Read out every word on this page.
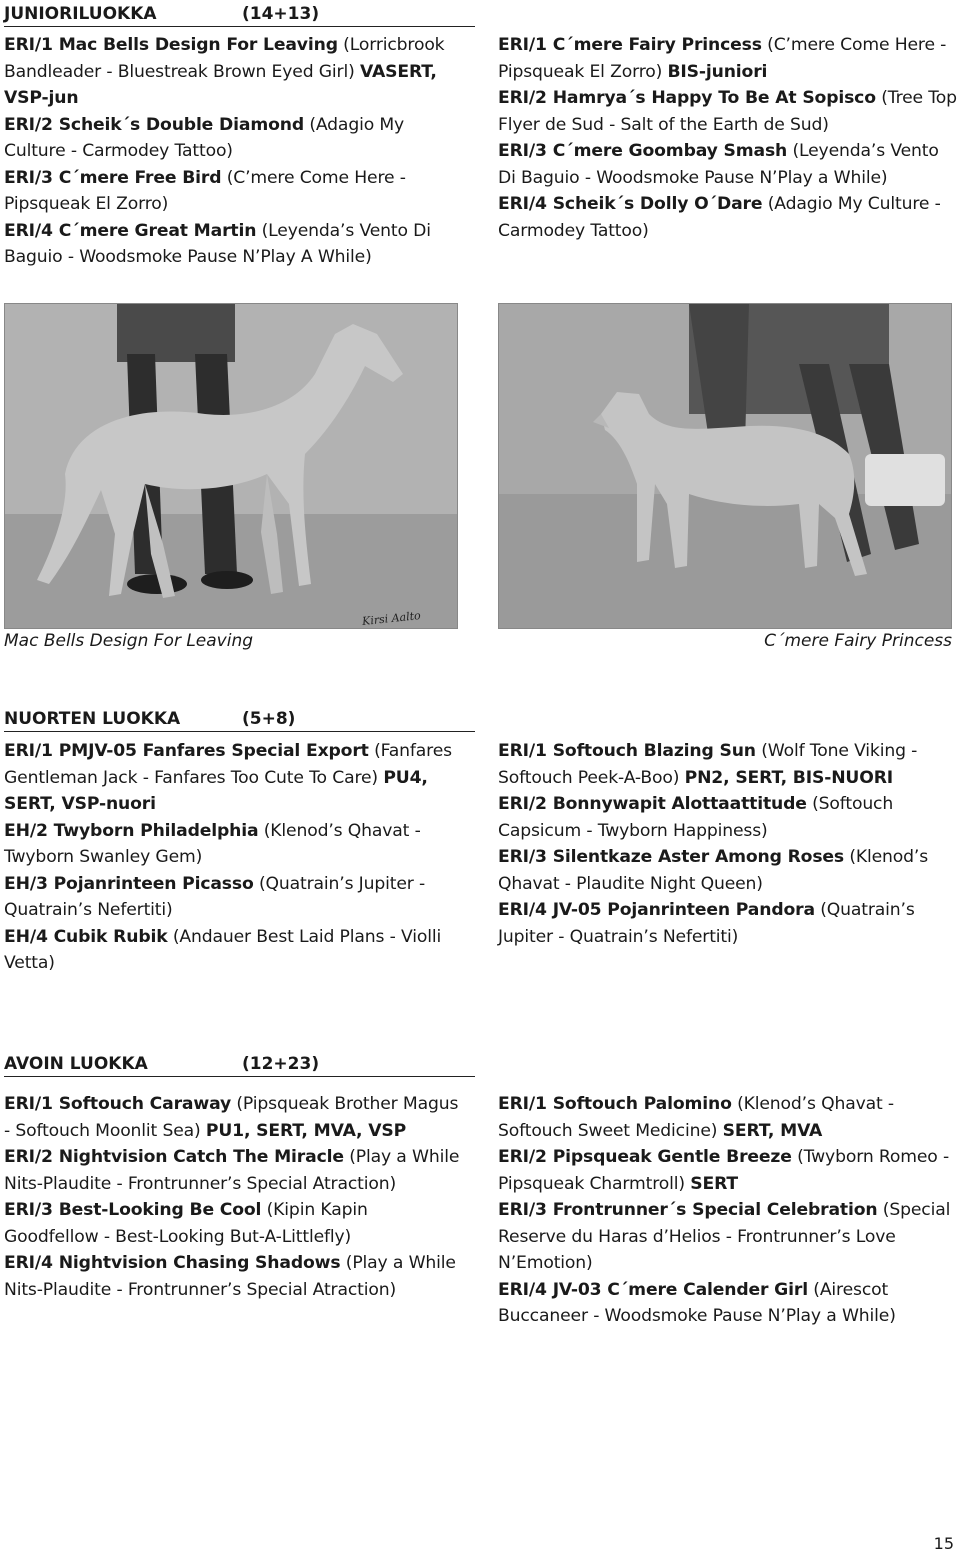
JUNIORILUOKKA	(14+13)

ERI/1 Mac Bells Design For Leaving (Lorricbrook Bandleader - Bluestreak Brown Eyed Girl) VASERT, VSP-jun

ERI/2 Scheik´s Double Diamond (Adagio My Culture - Carmodey Tattoo)

ERI/3 C´mere Free Bird (C’mere Come Here - Pipsqueak El Zorro)

ERI/4 C´mere Great Martin (Leyenda’s Vento Di Baguio - Woodsmoke Pause N’Play A While)

ERI/1 C´mere Fairy Princess (C’mere Come Here - Pipsqueak El Zorro) BIS-juniori

ERI/2 Hamrya´s Happy To Be At Sopisco (Tree Top Flyer de Sud - Salt of the Earth de Sud)

ERI/3 C´mere Goombay Smash (Leyenda’s Vento Di Baguio - Woodsmoke Pause N’Play a While)

ERI/4 Scheik´s Dolly O´Dare (Adagio My Culture - Carmodey Tattoo)

Mac Bells Design For Leaving
Kirsi Aalto
C´mere Fairy Princess
NUORTEN LUOKKA	(5+8)

ERI/1 PMJV-05 Fanfares Special Export (Fanfares Gentleman Jack - Fanfares Too Cute To Care) PU4, SERT, VSP-nuori

EH/2 Twyborn Philadelphia (Klenod’s Qhavat - Twyborn Swanley Gem)

EH/3 Pojanrinteen Picasso (Quatrain’s Jupiter - Quatrain’s Nefertiti)

EH/4 Cubik Rubik (Andauer Best Laid Plans - Violli Vetta)

ERI/1 Softouch Blazing Sun (Wolf Tone Viking - Softouch Peek-A-Boo) PN2, SERT, BIS-NUORI

ERI/2 Bonnywapit Alottaattitude (Softouch Capsicum - Twyborn Happiness)

ERI/3 Silentkaze Aster Among Roses (Klenod’s Qhavat - Plaudite Night Queen)

ERI/4 JV-05 Pojanrinteen Pandora (Quatrain’s Jupiter - Quatrain’s Nefertiti)

AVOIN LUOKKA	(12+23)

ERI/1 Softouch Caraway (Pipsqueak Brother Magus - Softouch Moonlit Sea) PU1, SERT, MVA, VSP

ERI/2 Nightvision Catch The Miracle (Play a While Nits-Plaudite - Frontrunner’s Special Atraction)

ERI/3 Best-Looking Be Cool (Kipin Kapin Goodfellow - Best-Looking But-A-Littlefly)

ERI/4 Nightvision Chasing Shadows (Play a While Nits-Plaudite - Frontrunner’s Special Atraction)

ERI/1 Softouch Palomino (Klenod’s Qhavat - Softouch Sweet Medicine) SERT, MVA

ERI/2 Pipsqueak Gentle Breeze (Twyborn Romeo - Pipsqueak Charmtroll) SERT

ERI/3 Frontrunner´s Special Celebration (Special Reserve du Haras d’Helios - Frontrunner’s Love N’Emotion)

ERI/4 JV-03 C´mere Calender Girl (Airescot Buccaneer - Woodsmoke Pause N’Play a While)

15
